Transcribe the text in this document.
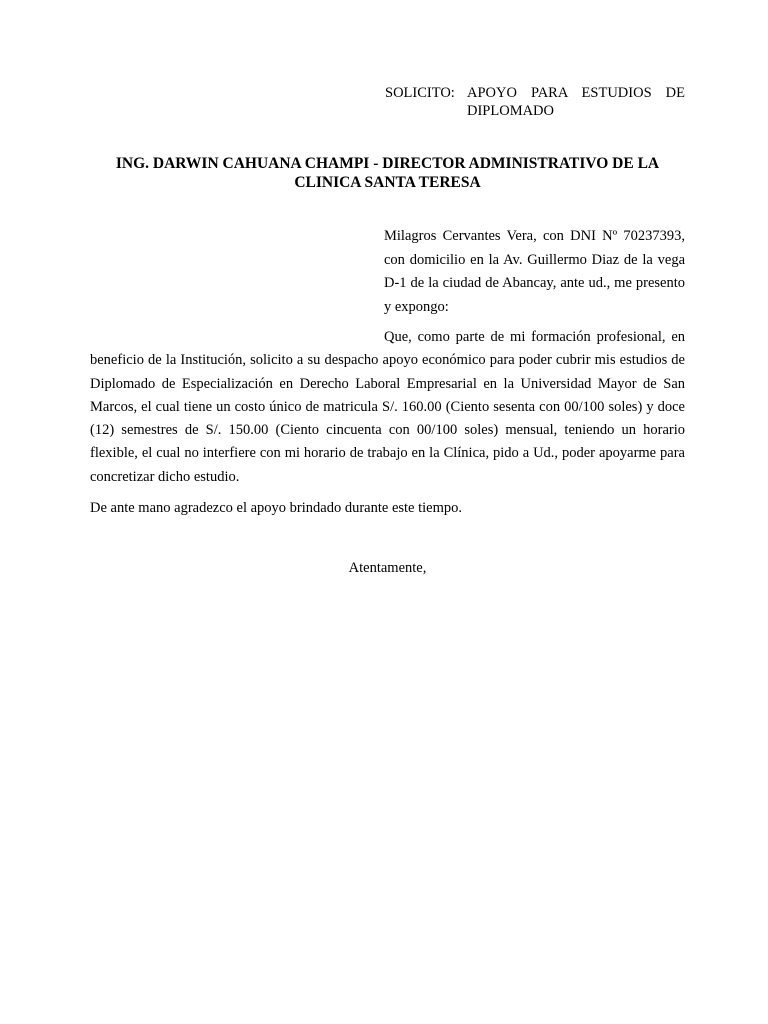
SOLICITO: APOYO PARA ESTUDIOS DE DIPLOMADO
ING. DARWIN CAHUANA CHAMPI - DIRECTOR ADMINISTRATIVO DE LA CLINICA SANTA TERESA
Milagros Cervantes Vera, con DNI Nº 70237393, con domicilio en la Av. Guillermo Diaz de la vega D-1 de la ciudad de Abancay, ante ud., me presento y expongo:
Que, como parte de mi formación profesional, en beneficio de la Institución, solicito a su despacho apoyo económico para poder cubrir mis estudios de Diplomado de Especialización en Derecho Laboral Empresarial en la Universidad Mayor de San Marcos, el cual tiene un costo único de matricula S/. 160.00 (Ciento sesenta con 00/100 soles) y doce (12) semestres de S/. 150.00 (Ciento cincuenta con 00/100 soles) mensual, teniendo un horario flexible, el cual no interfiere con mi horario de trabajo en la Clínica, pido a Ud., poder apoyarme para concretizar dicho estudio.
De ante mano agradezco el apoyo brindado durante este tiempo.
Atentamente,
